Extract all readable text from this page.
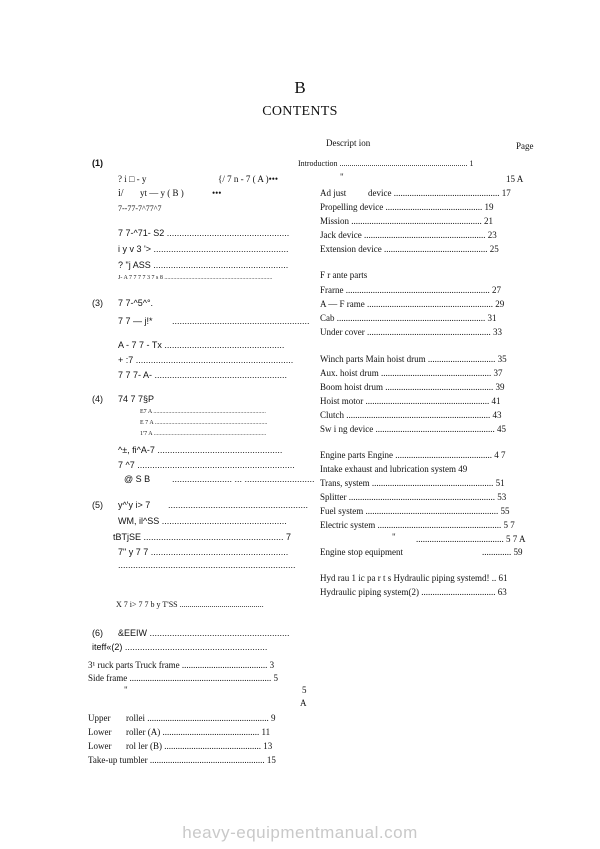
B
CONTENTS
Descript ion	Page
(1)
? i □ - y	{/ 7 n - 7 ( A )•••
i/ yt — y ( B )	•••
7--77-7^77^7
7 7-^71- S2 .................................................
i y v 3 '> ......................................................
? "j ASS ......................................................
J- A 7 7 7 7 3 7 s 8 ........................................................................
(3) 7 7-^5^°.
7 7 — j!* .......................................................
A - 7 7 - Tx ................................................
+ :7 ...............................................................
7 7 7- A- .....................................................
(4) 74 7 7§P
E7 A ...........................................................................
E 7 A ...........................................................................
1'7 A ...........................................................................
^±, fi^A-7 ..................................................
7 ^7 ...............................................................
@ S B ........................ ... ............................
(5) y^'y i> 7 ........................................................
WM, il^SS ..................................................
tBTjSE ........................................................ 7
7" y 7 7 .......................................................
.......................................................................
X 7 i> 7 7 b y T'SS ..........................................
(6) &EEIW ........................................................
iteff«(2) .........................................................
3¹ ruck parts Truck frame ...................................... 3
Side frame ............................................................... 5
"	5
A
Upper rollei ...................................................... 9
Lower roller (A) ........................................... 11
Lower rol ler (B) ........................................... 13
Take-up tumbler ................................................... 15
Introduction ................................................................ 1
"	15 A
Ad just device ............................................... 17
Propelling device ........................................... 19
Mission .......................................................... 21
Jack device ...................................................... 23
Extension device .............................................. 25
F r ante parts
Frarne ................................................................ 27
A — F rame ........................................................ 29
Cab .................................................................. 31
Under cover ....................................................... 33
Winch parts Main hoist drum .............................. 35
Aux. hoist drum ................................................. 37
Boom hoist drum ................................................ 39
Hoist motor ....................................................... 41
Clutch ................................................................ 43
Sw i ng device ..................................................... 45
Engine parts Engine ........................................... 4 7
Intake exhaust and lubrication system 49
Trans, system ...................................................... 51
Splitter ................................................................. 53
Fuel system ........................................................... 55
Electric system ....................................................... 5 7
" ....................................... 5 7 A
Engine stop equipment	............. 59
Hyd rau 1 ic pa r t s Hydraulic piping systemd! .. 61
Hydraulic piping system(2) ................................. 63
heavy-equipmentmanual.com
